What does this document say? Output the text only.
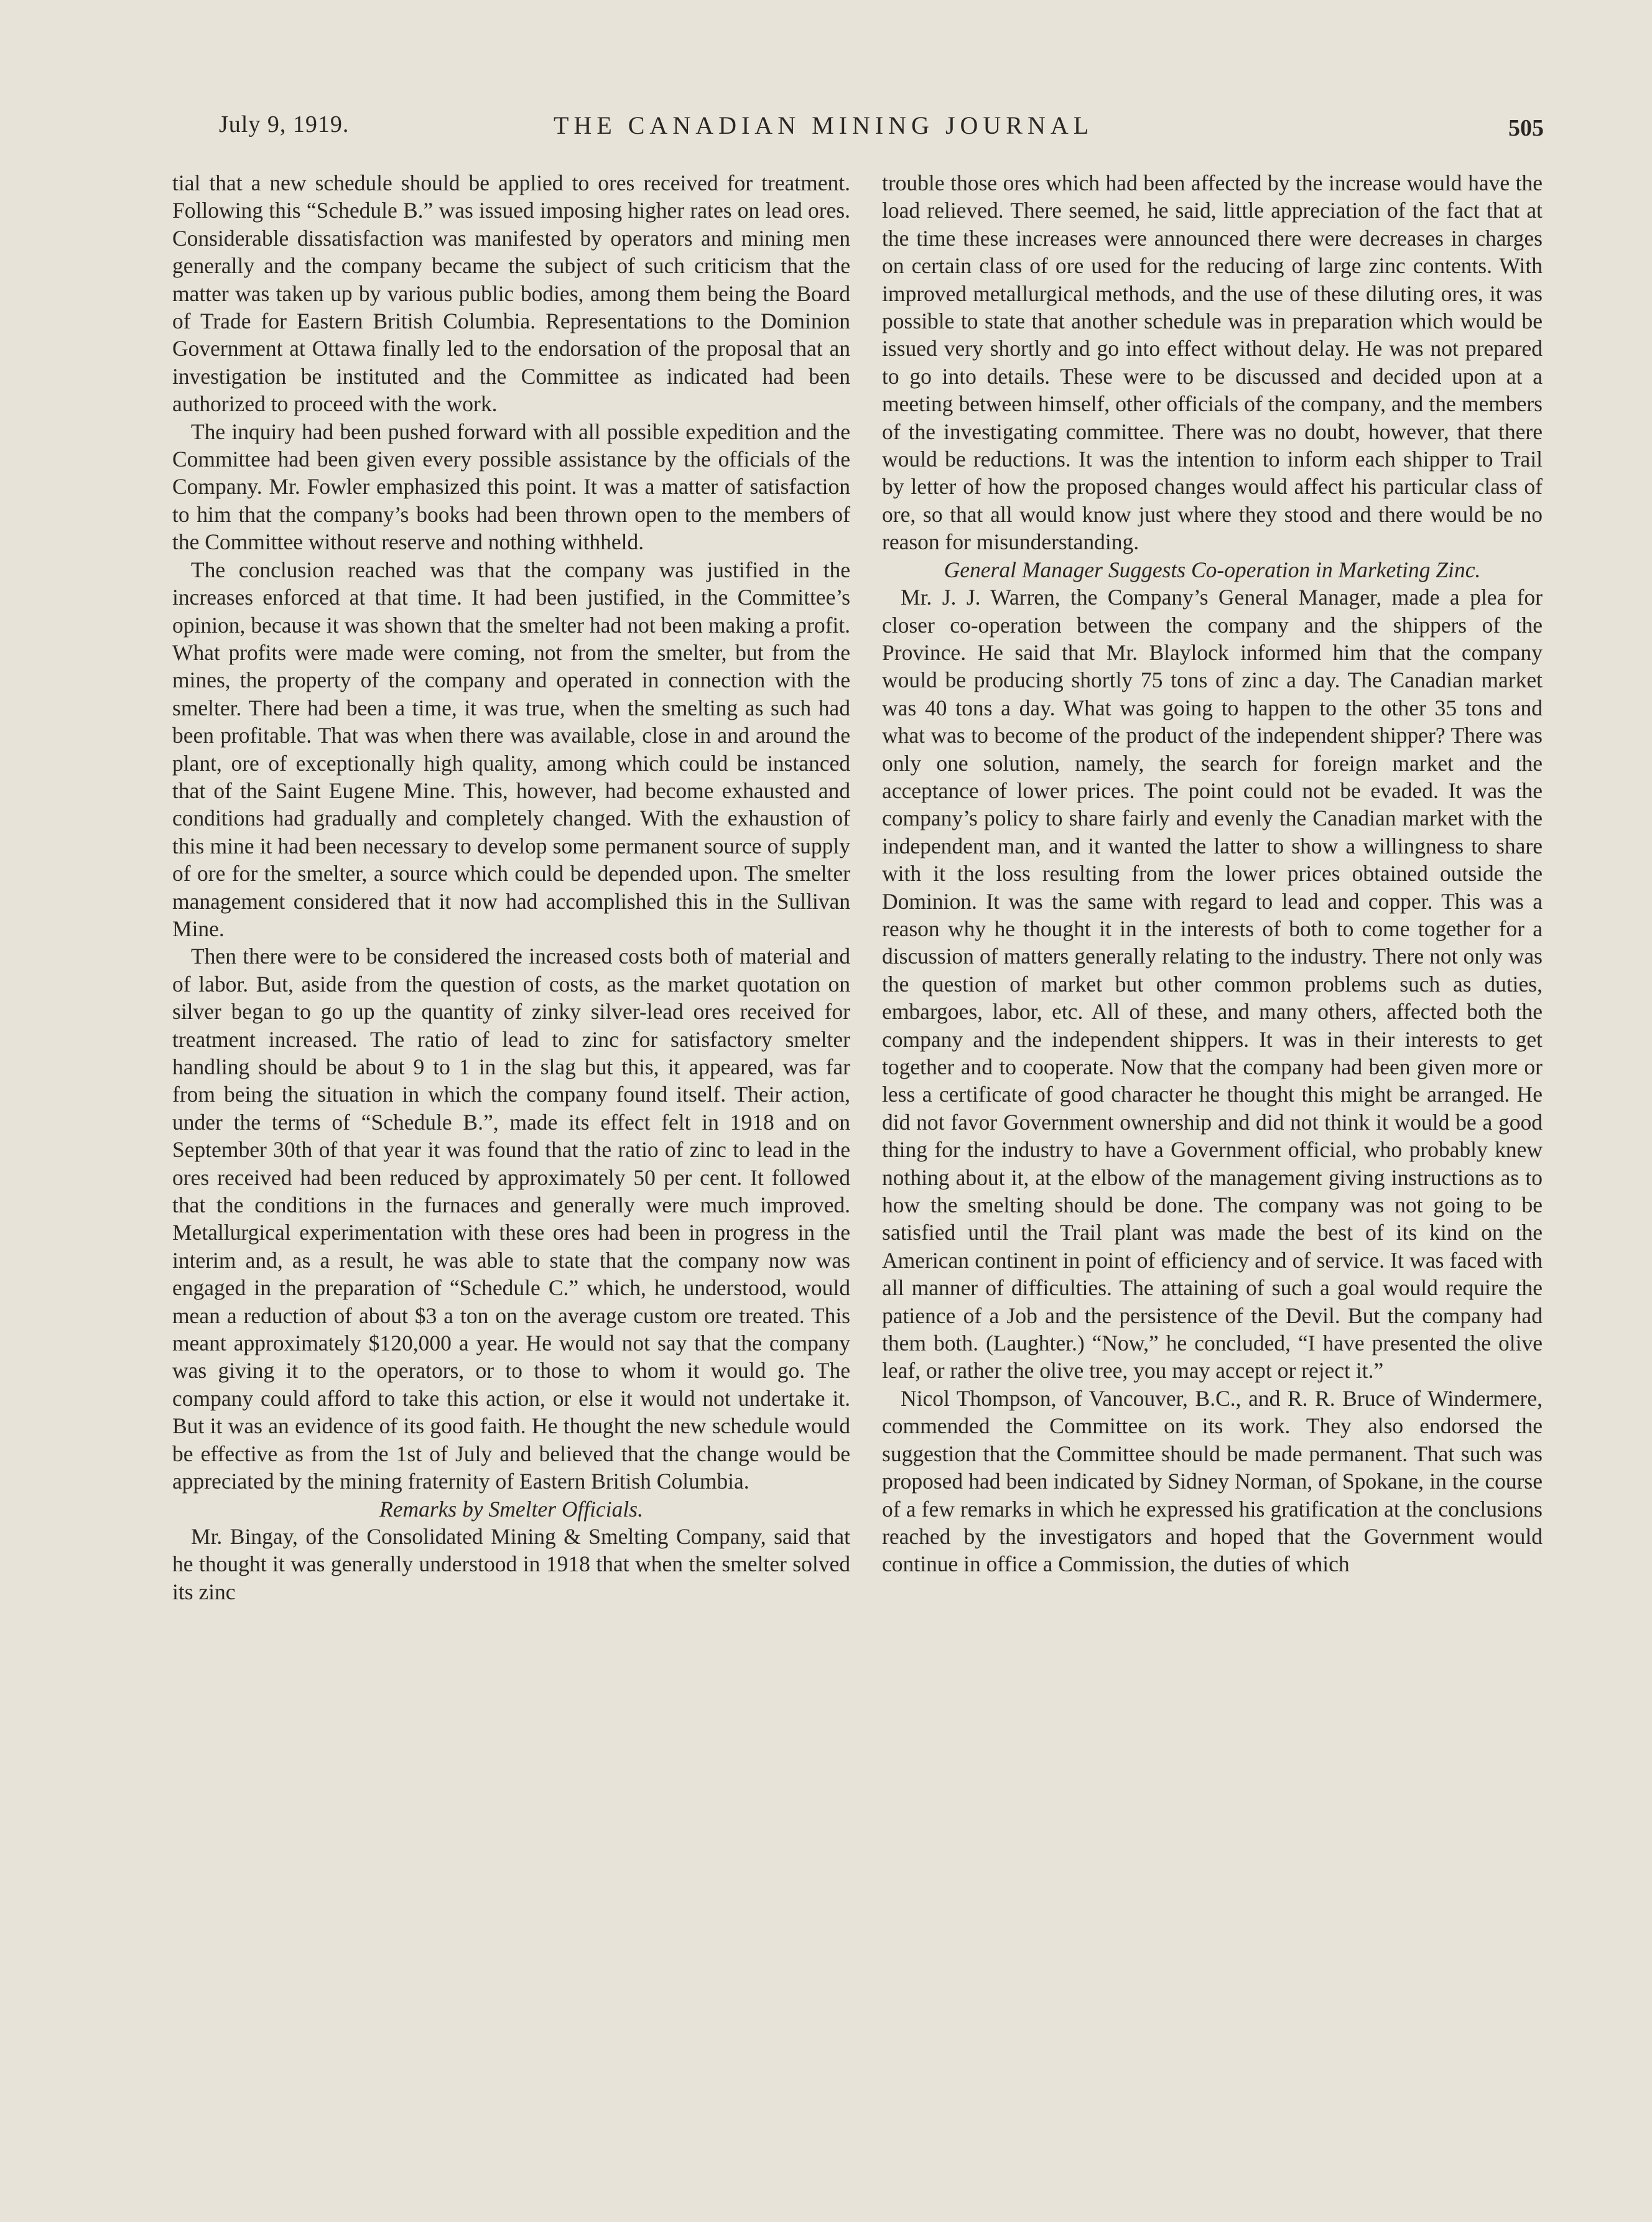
July 9, 1919.	THE CANADIAN MINING JOURNAL	505

tial that a new schedule should be applied to ores received for treatment. Following this “Schedule B.” was issued imposing higher rates on lead ores. Considerable dissatisfaction was manifested by operators and mining men generally and the company became the subject of such criticism that the matter was taken up by various public bodies, among them being the Board of Trade for Eastern British Columbia. Representations to the Dominion Government at Ottawa finally led to the endorsation of the proposal that an investigation be instituted and the Committee as indicated had been authorized to proceed with the work.

The inquiry had been pushed forward with all possible expedition and the Committee had been given every possible assistance by the officials of the Company. Mr. Fowler emphasized this point. It was a matter of satisfaction to him that the company’s books had been thrown open to the members of the Committee without reserve and nothing withheld.

The conclusion reached was that the company was justified in the increases enforced at that time. It had been justified, in the Committee’s opinion, because it was shown that the smelter had not been making a profit. What profits were made were coming, not from the smelter, but from the mines, the property of the company and operated in connection with the smelter. There had been a time, it was true, when the smelting as such had been profitable. That was when there was available, close in and around the plant, ore of exceptionally high quality, among which could be instanced that of the Saint Eugene Mine. This, however, had become exhausted and conditions had gradually and completely changed. With the exhaustion of this mine it had been necessary to develop some permanent source of supply of ore for the smelter, a source which could be depended upon. The smelter management considered that it now had accomplished this in the Sullivan Mine.

Then there were to be considered the increased costs both of material and of labor. But, aside from the question of costs, as the market quotation on silver began to go up the quantity of zinky silver-lead ores received for treatment increased. The ratio of lead to zinc for satisfactory smelter handling should be about 9 to 1 in the slag but this, it appeared, was far from being the situation in which the company found itself. Their action, under the terms of “Schedule B.”, made its effect felt in 1918 and on September 30th of that year it was found that the ratio of zinc to lead in the ores received had been reduced by approximately 50 per cent. It followed that the conditions in the furnaces and generally were much improved. Metallurgical experimentation with these ores had been in progress in the interim and, as a result, he was able to state that the company now was engaged in the preparation of “Schedule C.” which, he understood, would mean a reduction of about $3 a ton on the average custom ore treated. This meant approximately $120,000 a year. He would not say that the company was giving it to the operators, or to those to whom it would go. The company could afford to take this action, or else it would not undertake it. But it was an evidence of its good faith. He thought the new schedule would be effective as from the 1st of July and believed that the change would be appreciated by the mining fraternity of Eastern British Columbia.

Remarks by Smelter Officials.

Mr. Bingay, of the Consolidated Mining & Smelting Company, said that he thought it was generally understood in 1918 that when the smelter solved its zinc

trouble those ores which had been affected by the increase would have the load relieved. There seemed, he said, little appreciation of the fact that at the time these increases were announced there were decreases in charges on certain class of ore used for the reducing of large zinc contents. With improved metallurgical methods, and the use of these diluting ores, it was possible to state that another schedule was in preparation which would be issued very shortly and go into effect without delay. He was not prepared to go into details. These were to be discussed and decided upon at a meeting between himself, other officials of the company, and the members of the investigating committee. There was no doubt, however, that there would be reductions. It was the intention to inform each shipper to Trail by letter of how the proposed changes would affect his particular class of ore, so that all would know just where they stood and there would be no reason for misunderstanding.

General Manager Suggests Co-operation in Marketing Zinc.

Mr. J. J. Warren, the Company’s General Manager, made a plea for closer co-operation between the company and the shippers of the Province. He said that Mr. Blaylock informed him that the company would be producing shortly 75 tons of zinc a day. The Canadian market was 40 tons a day. What was going to happen to the other 35 tons and what was to become of the product of the independent shipper? There was only one solution, namely, the search for foreign market and the acceptance of lower prices. The point could not be evaded. It was the company’s policy to share fairly and evenly the Canadian market with the independent man, and it wanted the latter to show a willingness to share with it the loss resulting from the lower prices obtained outside the Dominion. It was the same with regard to lead and copper. This was a reason why he thought it in the interests of both to come together for a discussion of matters generally relating to the industry. There not only was the question of market but other common problems such as duties, embargoes, labor, etc. All of these, and many others, affected both the company and the independent shippers. It was in their interests to get together and to cooperate. Now that the company had been given more or less a certificate of good character he thought this might be arranged. He did not favor Government ownership and did not think it would be a good thing for the industry to have a Government official, who probably knew nothing about it, at the elbow of the management giving instructions as to how the smelting should be done. The company was not going to be satisfied until the Trail plant was made the best of its kind on the American continent in point of efficiency and of service. It was faced with all manner of difficulties. The attaining of such a goal would require the patience of a Job and the persistence of the Devil. But the company had them both. (Laughter.) “Now,” he concluded, “I have presented the olive leaf, or rather the olive tree, you may accept or reject it.”

Nicol Thompson, of Vancouver, B.C., and R. R. Bruce of Windermere, commended the Committee on its work. They also endorsed the suggestion that the Committee should be made permanent. That such was proposed had been indicated by Sidney Norman, of Spokane, in the course of a few remarks in which he expressed his gratification at the conclusions reached by the investigators and hoped that the Government would continue in office a Commission, the duties of which
